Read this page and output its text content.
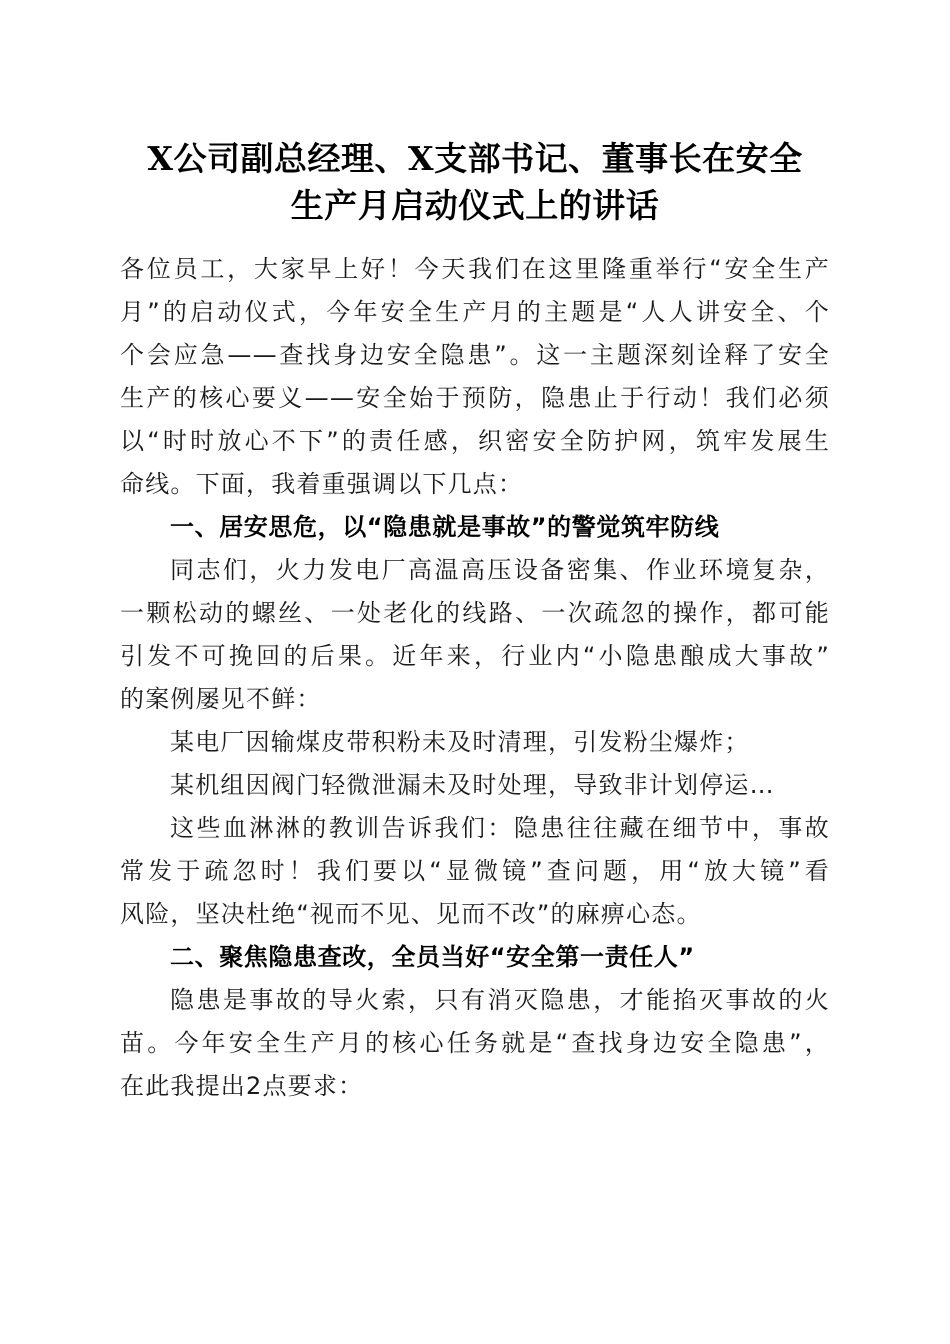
X公司副总经理、X支部书记、董事长在安全
生产月启动仪式上的讲话
各位员工，大家早上好！今天我们在这里隆重举行“安全生产
月”的启动仪式，今年安全生产月的主题是“人人讲安全、个
个会应急——查找身边安全隐患”。这一主题深刻诠释了安全
生产的核心要义——安全始于预防，隐患止于行动！我们必须
以“时时放心不下”的责任感，织密安全防护网，筑牢发展生
命线。下面，我着重强调以下几点：
一、居安思危，以“隐患就是事故”的警觉筑牢防线
同志们，火力发电厂高温高压设备密集、作业环境复杂，
一颗松动的螺丝、一处老化的线路、一次疏忽的操作，都可能
引发不可挽回的后果。近年来，行业内“小隐患酿成大事故”
的案例屡见不鲜：
某电厂因输煤皮带积粉未及时清理，引发粉尘爆炸；
某机组因阀门轻微泄漏未及时处理，导致非计划停运…
这些血淋淋的教训告诉我们：隐患往往藏在细节中，事故
常发于疏忽时！我们要以“显微镜”查问题，用“放大镜”看
风险，坚决杜绝“视而不见、见而不改”的麻痹心态。
二、聚焦隐患查改，全员当好“安全第一责任人”
隐患是事故的导火索，只有消灭隐患，才能掐灭事故的火
苗。今年安全生产月的核心任务就是“查找身边安全隐患”，
在此我提出2点要求：
